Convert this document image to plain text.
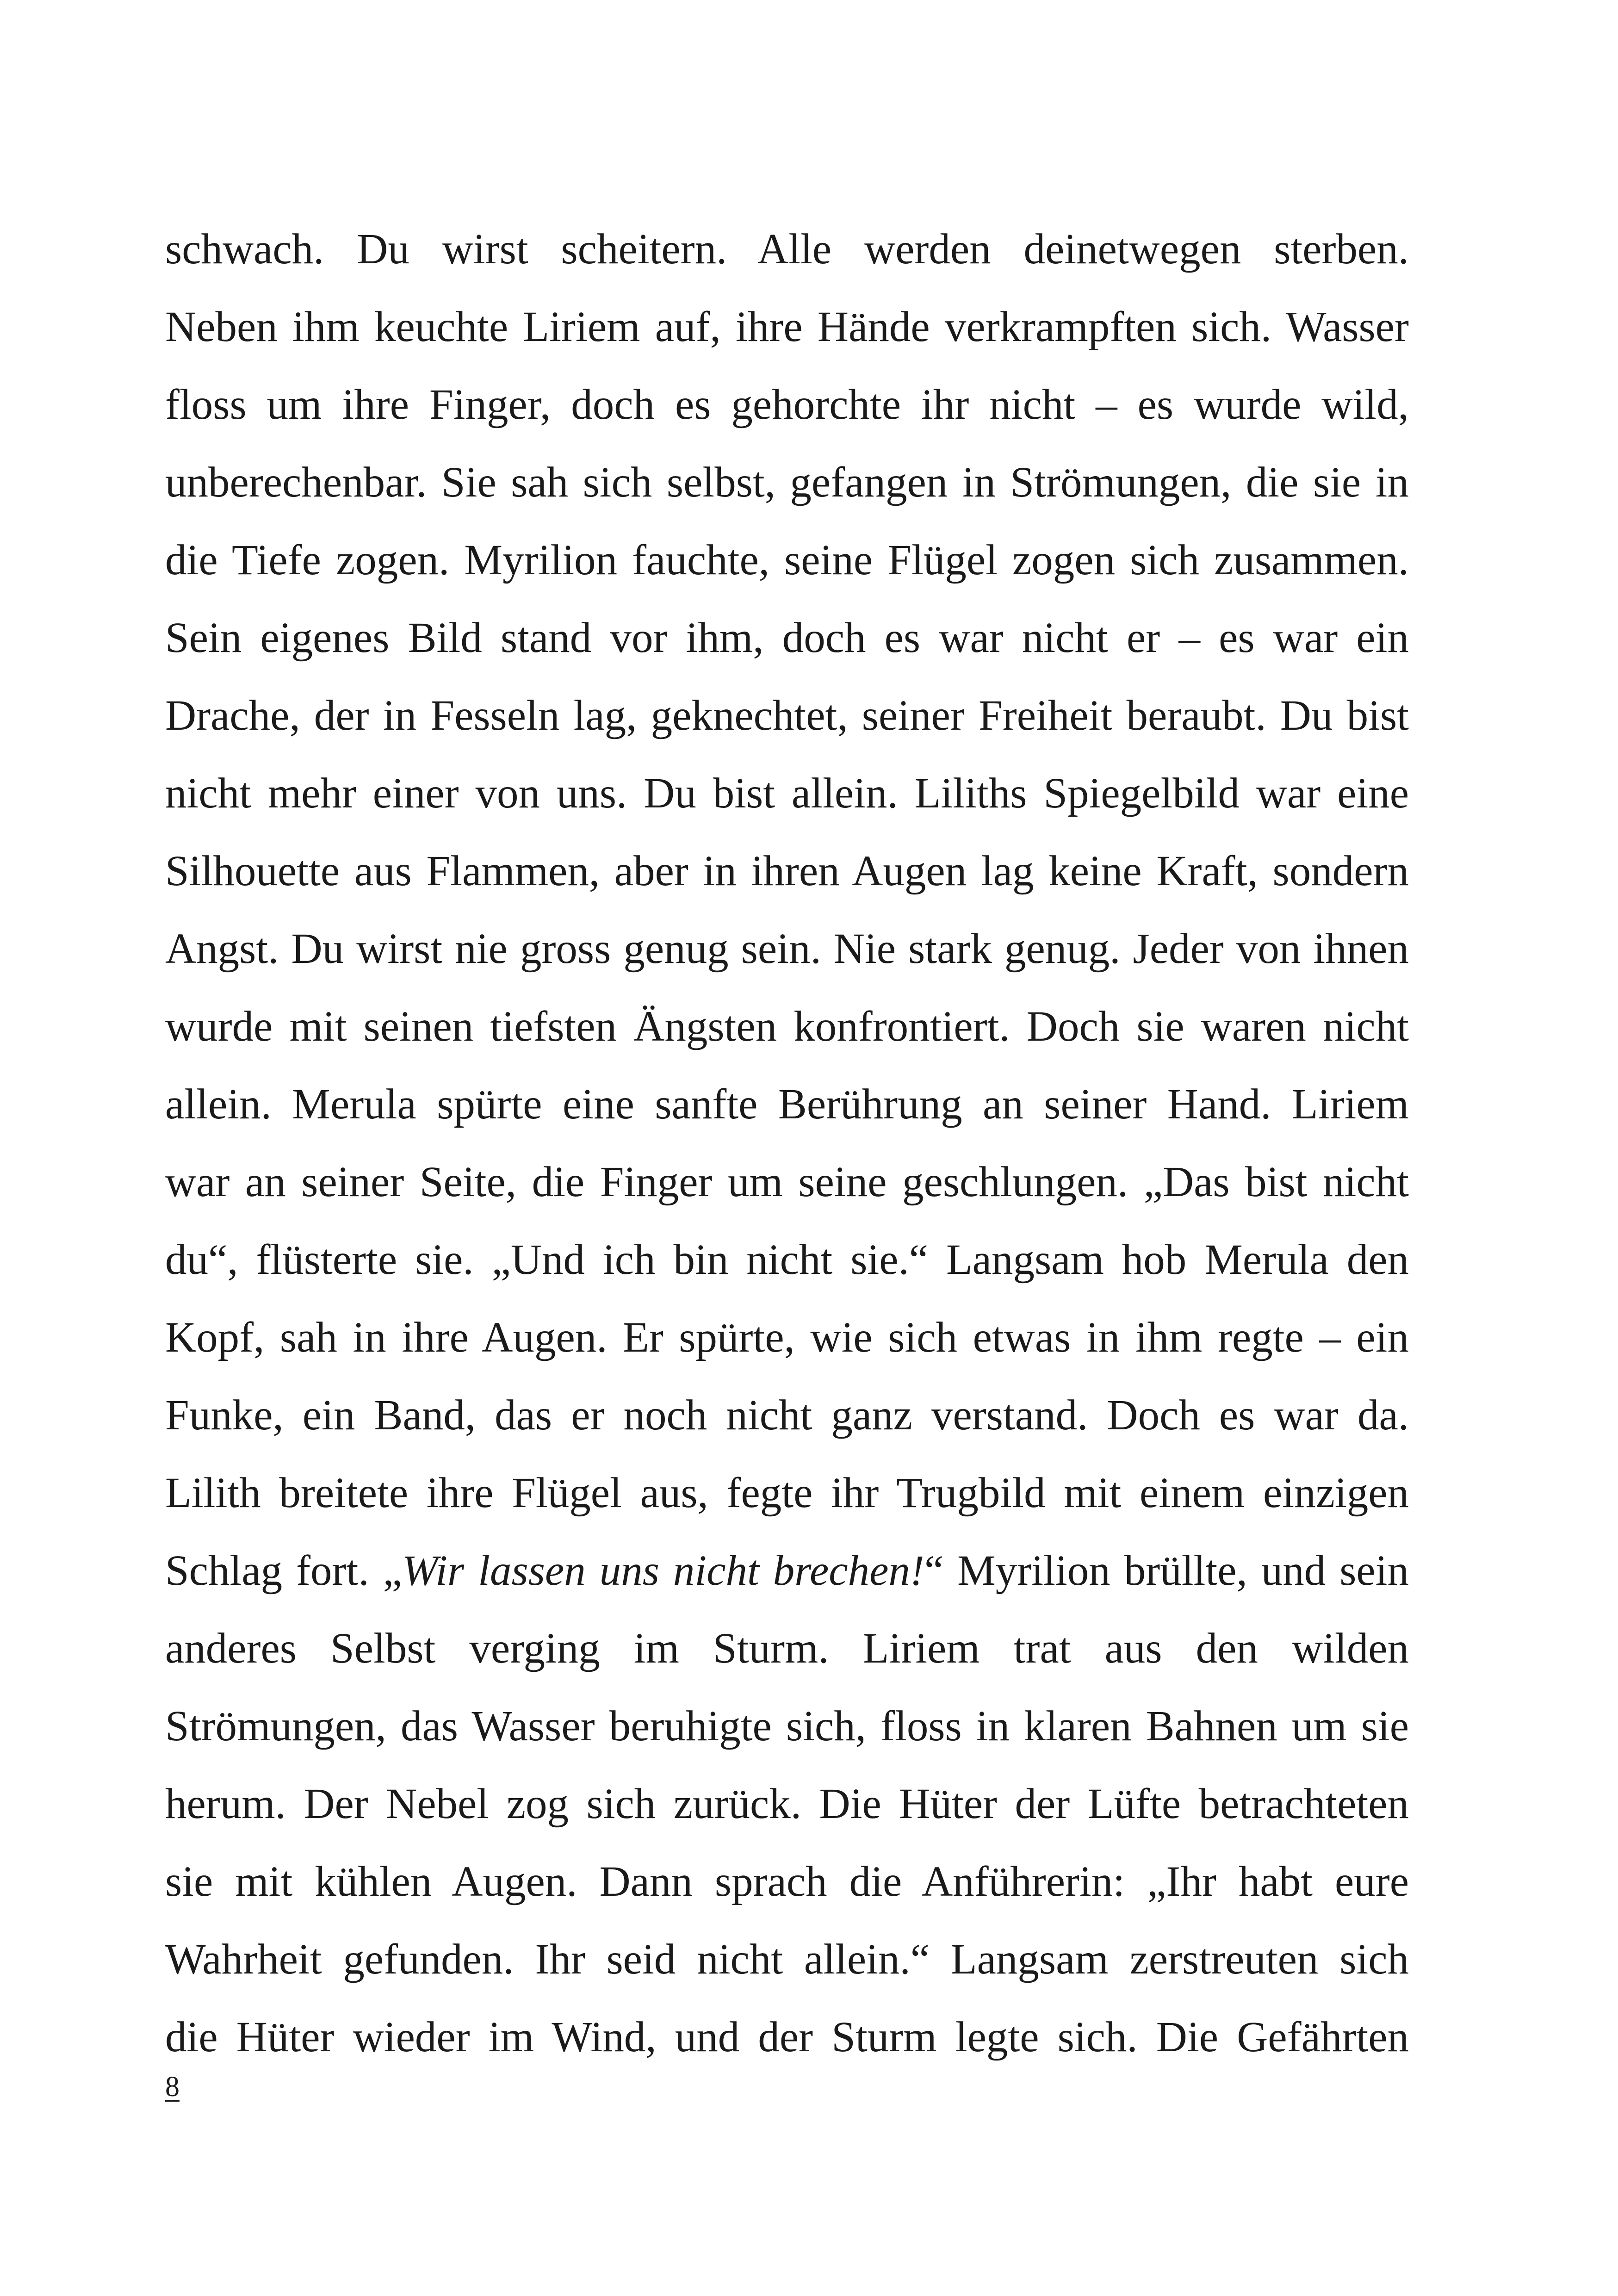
schwach. Du wirst scheitern. Alle werden deinetwegen sterben.
Neben ihm keuchte Liriem auf, ihre Hände verkrampften sich. Wasser
floss um ihre Finger, doch es gehorchte ihr nicht – es wurde wild,
unberechenbar. Sie sah sich selbst, gefangen in Strömungen, die sie in
die Tiefe zogen. Myrilion fauchte, seine Flügel zogen sich zusammen.
Sein eigenes Bild stand vor ihm, doch es war nicht er – es war ein
Drache, der in Fesseln lag, geknechtet, seiner Freiheit beraubt. Du bist
nicht mehr einer von uns. Du bist allein. Liliths Spiegelbild war eine
Silhouette aus Flammen, aber in ihren Augen lag keine Kraft, sondern
Angst. Du wirst nie gross genug sein. Nie stark genug. Jeder von ihnen
wurde mit seinen tiefsten Ängsten konfrontiert. Doch sie waren nicht
allein. Merula spürte eine sanfte Berührung an seiner Hand. Liriem
war an seiner Seite, die Finger um seine geschlungen. „Das bist nicht
du“, flüsterte sie. „Und ich bin nicht sie.“ Langsam hob Merula den
Kopf, sah in ihre Augen. Er spürte, wie sich etwas in ihm regte – ein
Funke, ein Band, das er noch nicht ganz verstand. Doch es war da.
Lilith breitete ihre Flügel aus, fegte ihr Trugbild mit einem einzigen
Schlag fort. „Wir lassen uns nicht brechen!“ Myrilion brüllte, und sein
anderes Selbst verging im Sturm. Liriem trat aus den wilden
Strömungen, das Wasser beruhigte sich, floss in klaren Bahnen um sie
herum. Der Nebel zog sich zurück. Die Hüter der Lüfte betrachteten
sie mit kühlen Augen. Dann sprach die Anführerin: „Ihr habt eure
Wahrheit gefunden. Ihr seid nicht allein.“ Langsam zerstreuten sich
die Hüter wieder im Wind, und der Sturm legte sich. Die Gefährten
8
